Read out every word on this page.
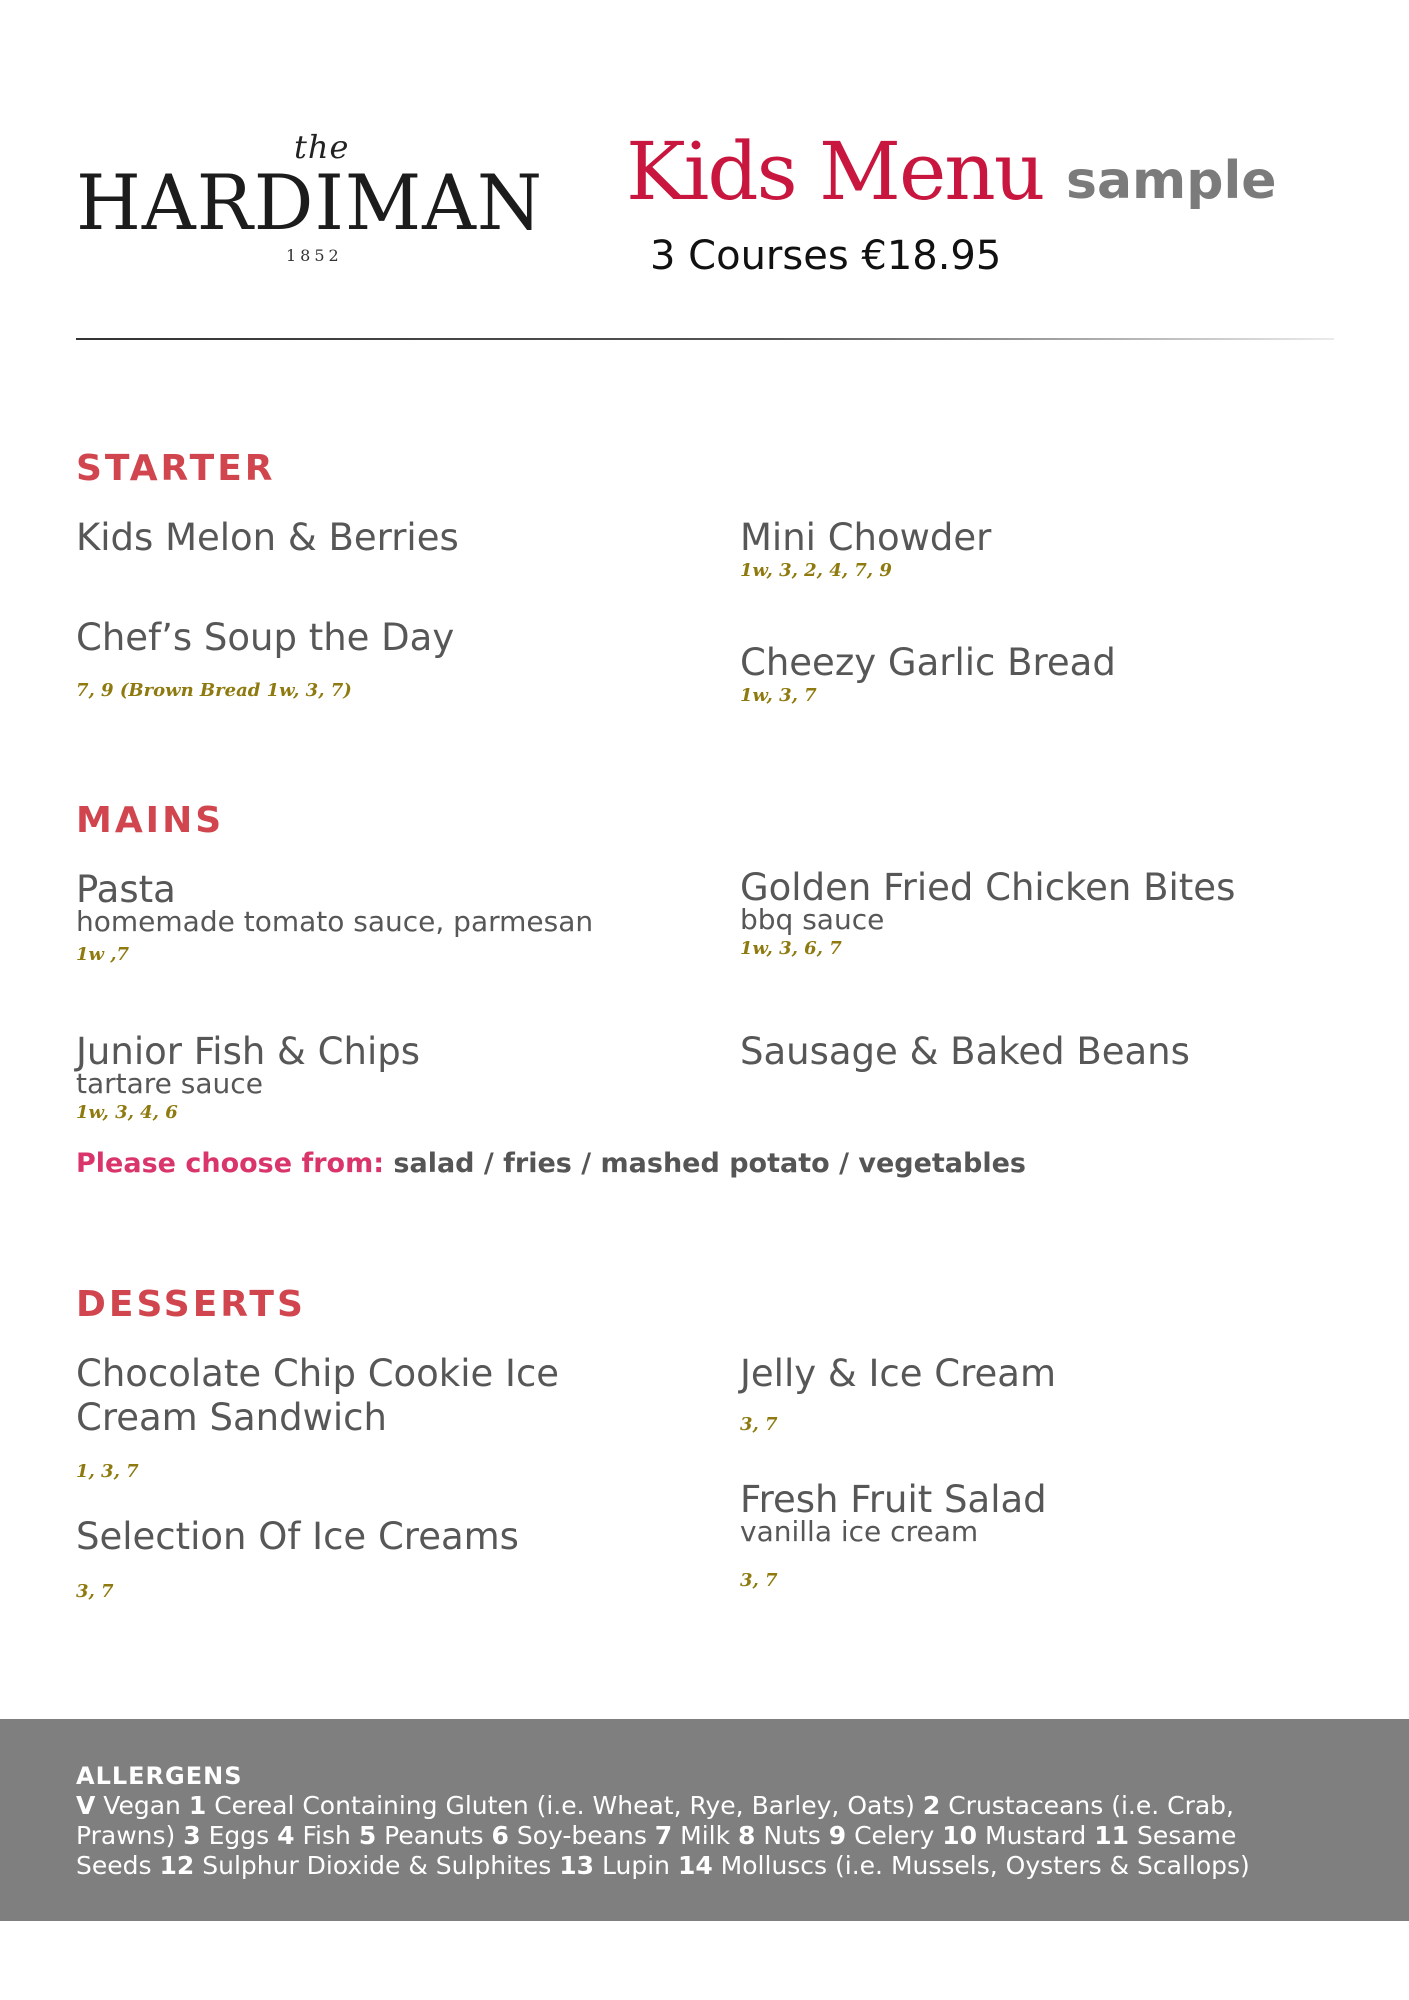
the
HARDIMAN
1852
Kids Menu sample
3 Courses €18.95
STARTER
Kids Melon & Berries	Mini Chowder
1w, 3, 2, 4, 7, 9
Chef’s Soup the Day
7, 9 (Brown Bread 1w, 3, 7)
Cheezy Garlic Bread
1w, 3, 7
MAINS
Pasta
homemade tomato sauce, parmesan
1w ,7
Golden Fried Chicken Bites
bbq sauce
1w, 3, 6, 7
Junior Fish & Chips
tartare sauce
1w, 3, 4, 6
Sausage & Baked Beans
Please choose from: salad / fries / mashed potato / vegetables
DESSERTS
Chocolate Chip Cookie Ice Cream Sandwich
1, 3, 7
Jelly & Ice Cream
3, 7
Selection Of Ice Creams
3, 7
Fresh Fruit Salad
vanilla ice cream
3, 7
ALLERGENS
V Vegan 1 Cereal Containing Gluten (i.e. Wheat, Rye, Barley, Oats) 2 Crustaceans (i.e. Crab, Prawns) 3 Eggs 4 Fish 5 Peanuts 6 Soy-beans 7 Milk 8 Nuts 9 Celery 10 Mustard 11 Sesame Seeds 12 Sulphur Dioxide & Sulphites 13 Lupin 14 Molluscs (i.e. Mussels, Oysters & Scallops)
